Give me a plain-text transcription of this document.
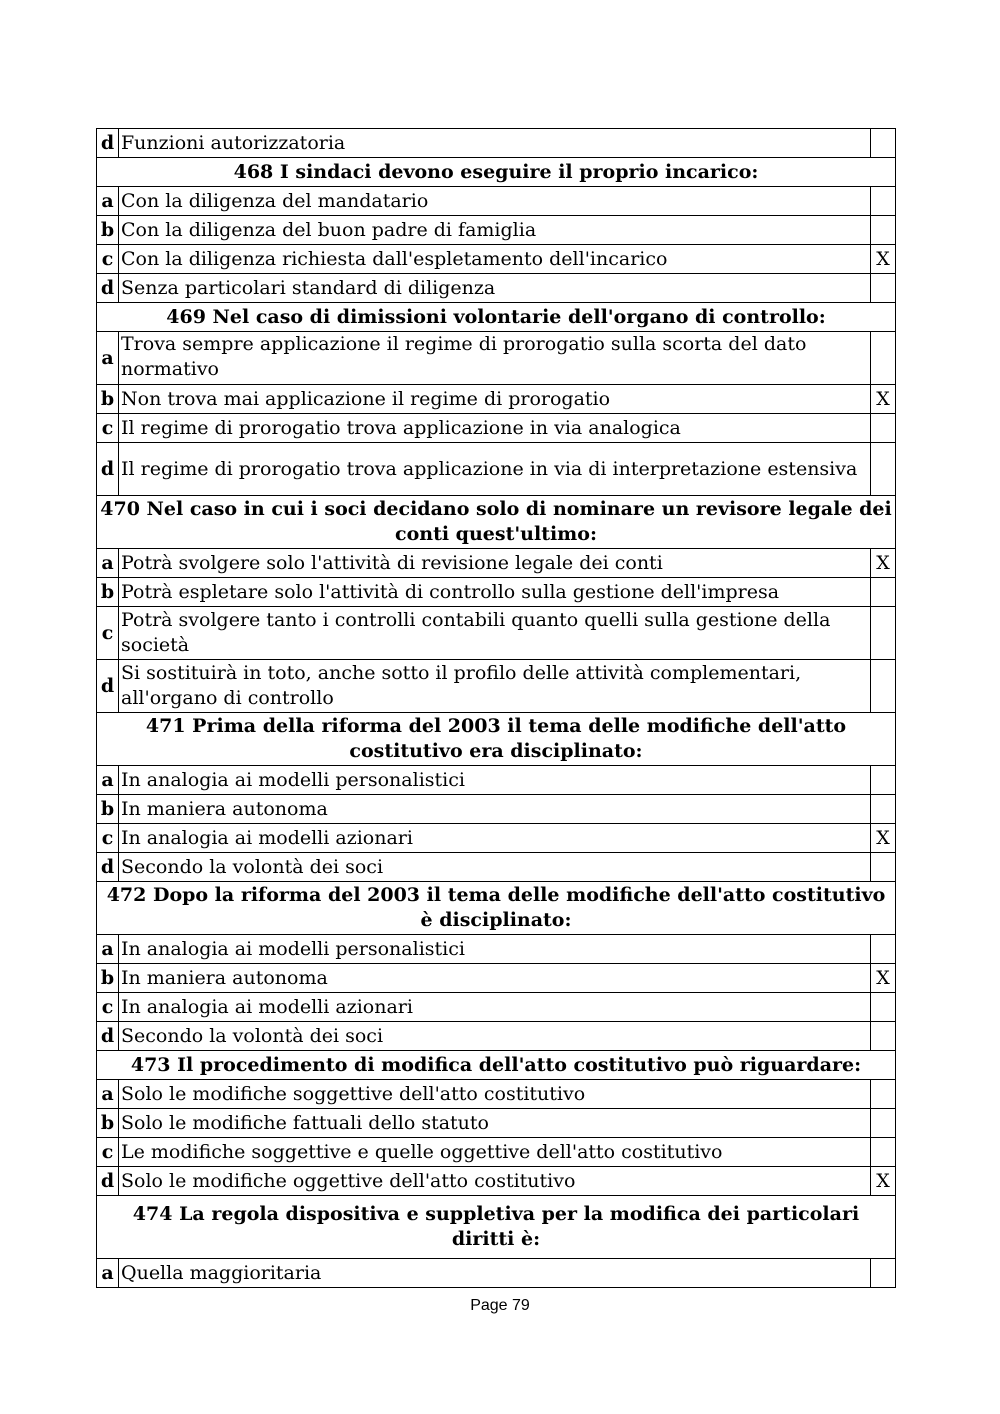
d	Funzioni autorizzatoria	
468 I sindaci devono eseguire il proprio incarico:		
a	Con la diligenza del mandatario	
b	Con la diligenza del buon padre di famiglia	
c	Con la diligenza richiesta dall'espletamento dell'incarico	X
d	Senza particolari standard di diligenza	
469 Nel caso di dimissioni volontarie dell'organo di controllo:		
a	Trova sempre applicazione il regime di prorogatio sulla scorta del dato normativo	
b	Non trova mai applicazione il regime di prorogatio	X
c	Il regime di prorogatio trova applicazione in via analogica	
d	Il regime di prorogatio trova applicazione in via di interpretazione estensiva	
470 Nel caso in cui i soci decidano solo di nominare un revisore legale dei conti quest'ultimo:		
a	Potrà svolgere solo l'attività di revisione legale dei conti	X
b	Potrà espletare solo l'attività di controllo sulla gestione dell'impresa	
c	Potrà svolgere tanto i controlli contabili quanto quelli sulla gestione della società	
d	Si sostituirà in toto, anche sotto il profilo delle attività complementari, all'organo di controllo	
471 Prima della riforma del 2003 il tema delle modifiche dell'atto costitutivo era disciplinato:		
a	In analogia ai modelli personalistici	
b	In maniera autonoma	
c	In analogia ai modelli azionari	X
d	Secondo la volontà dei soci	
472 Dopo la riforma del 2003 il tema delle modifiche dell'atto costitutivo è disciplinato:		
a	In analogia ai modelli personalistici	
b	In maniera autonoma	X
c	In analogia ai modelli azionari	
d	Secondo la volontà dei soci	
473 Il procedimento di modifica dell'atto costitutivo può riguardare:		
a	Solo le modifiche soggettive dell'atto costitutivo	
b	Solo le modifiche fattuali dello statuto	
c	Le modifiche soggettive e quelle oggettive dell'atto costitutivo	
d	Solo le modifiche oggettive dell'atto costitutivo	X
474 La regola dispositiva e suppletiva per la modifica dei particolari diritti è:		
a	Quella maggioritaria	
Page 79
